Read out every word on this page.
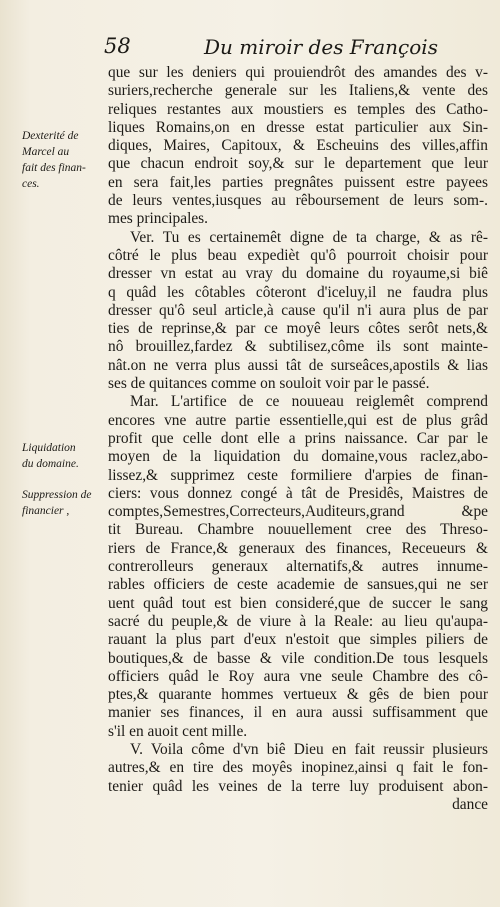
58	Du miroir des François
Dexterité de
Marcel au
fait des finan-
ces.
Liquidation
du domaine.
Suppression de
financier ,
que sur les deniers qui prouiendrôt des amandes des v-
suriers,recherche generale sur les Italiens,& vente des
reliques restantes aux moustiers es temples des Catho-
liques Romains,on en dresse estat particulier aux Sin-
diques, Maires, Capitoux, & Escheuins des villes,affin
que chacun endroit soy,& sur le departement que leur
en sera fait,les parties pregnâtes puissent estre payees
de leurs ventes,iusques au rêboursement de leurs som-.
mes principales.
Ver. Tu es certainemêt digne de ta charge, & as rê-
côtré le plus beau expedièt qu'ô pourroit choisir pour
dresser vn estat au vray du domaine du royaume,si biê
q quâd les côtables côteront d'iceluy,il ne faudra plus
dresser qu'ô seul article,à cause qu'il n'i aura plus de par
ties de reprinse,& par ce moyê leurs côtes serôt nets,&
nô brouillez,fardez & subtilisez,côme ils sont mainte-
nât.on ne verra plus aussi tât de surseâces,apostils & lias
ses de quitances comme on souloit voir par le passé.
Mar. L'artifice de ce nouueau reiglemêt comprend
encores vne autre partie essentielle,qui est de plus grâd
profit que celle dont elle a prins naissance. Car par le
moyen de la liquidation du domaine,vous raclez,abo-
lissez,& supprimez ceste formiliere d'arpies de finan-
ciers: vous donnez congé à tât de Presidês, Maistres de
comptes,Semestres,Correcteurs,Auditeurs,grand &pe
tit Bureau. Chambre nouuellement cree des Threso-
riers de France,& generaux des finances, Receueurs &
contrerolleurs generaux alternatifs,& autres innume-
rables officiers de ceste academie de sansues,qui ne ser
uent quâd tout est bien consideré,que de succer le sang
sacré du peuple,& de viure à la Reale: au lieu qu'aupa-
rauant la plus part d'eux n'estoit que simples piliers de
boutiques,& de basse & vile condition.De tous lesquels
officiers quâd le Roy aura vne seule Chambre des cô-
ptes,& quarante hommes vertueux & gês de bien pour
manier ses finances, il en aura aussi suffisamment que
s'il en auoit cent mille.
V. Voila côme d'vn biê Dieu en fait reussir plusieurs
autres,& en tire des moyês inopinez,ainsi q fait le fon-
tenier quâd les veines de la terre luy produisent abon-
dance
